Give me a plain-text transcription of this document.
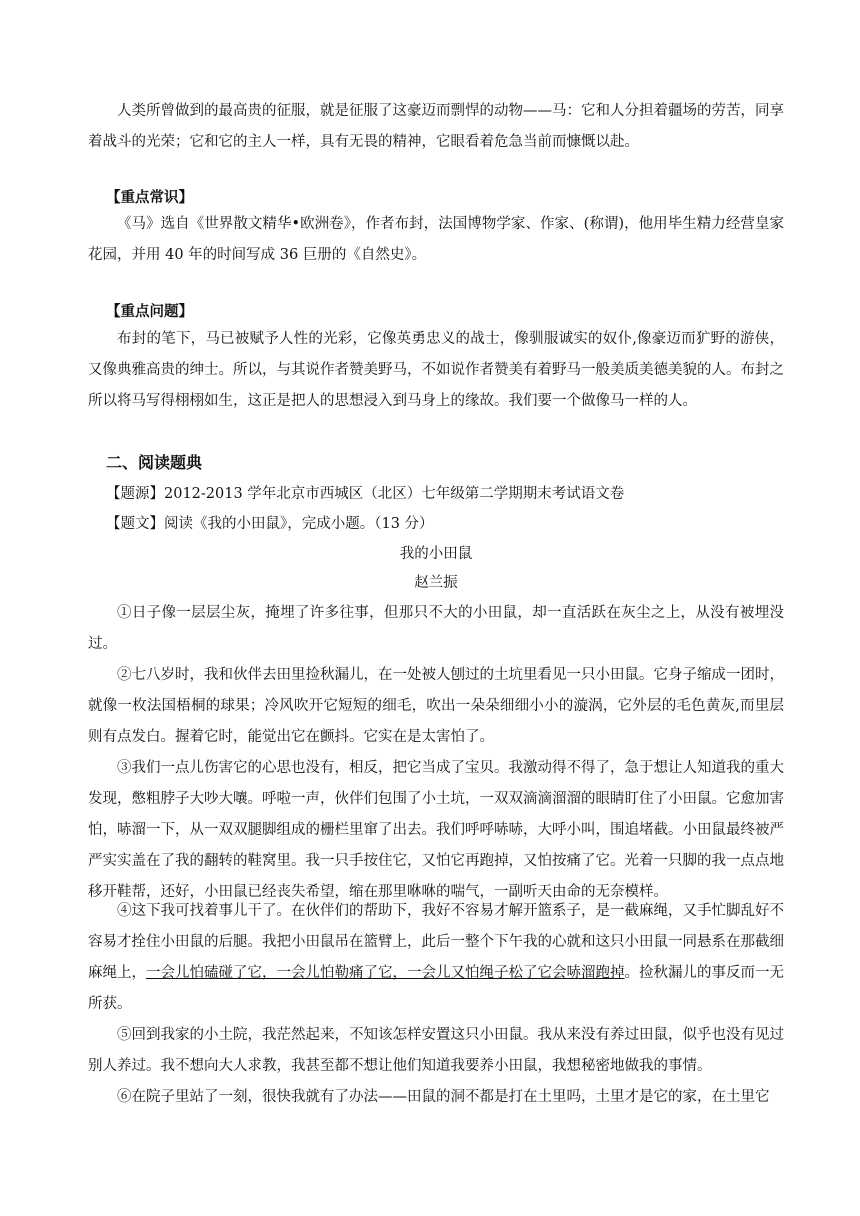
人类所曾做到的最高贵的征服，就是征服了这豪迈而剽悍的动物——马：它和人分担着疆场的劳苦，同享着战斗的光荣；它和它的主人一样，具有无畏的精神，它眼看着危急当前而慷慨以赴。

【重点常识】

《马》选自《世界散文精华•欧洲卷》，作者布封，法国博物学家、作家、(称谓)，他用毕生精力经营皇家花园，并用 40 年的时间写成 36 巨册的《自然史》。

【重点问题】

布封的笔下，马已被赋予人性的光彩，它像英勇忠义的战士，像驯服诚实的奴仆,像豪迈而犷野的游侠，又像典雅高贵的绅士。所以，与其说作者赞美野马，不如说作者赞美有着野马一般美质美德美貌的人。布封之所以将马写得栩栩如生，这正是把人的思想浸入到马身上的缘故。我们要一个做像马一样的人。

二、阅读题典

【题源】2012-2013 学年北京市西城区（北区）七年级第二学期期末考试语文卷

【题文】阅读《我的小田鼠》，完成小题。（13 分）

我的小田鼠

赵兰振

①日子像一层层尘灰，掩埋了许多往事，但那只不大的小田鼠，却一直活跃在灰尘之上，从没有被埋没过。

②七八岁时，我和伙伴去田里捡秋漏儿，在一处被人刨过的土坑里看见一只小田鼠。它身子缩成一团时，就像一枚法国梧桐的球果；冷风吹开它短短的细毛，吹出一朵朵细细小小的漩涡，它外层的毛色黄灰,而里层则有点发白。握着它时，能觉出它在颤抖。它实在是太害怕了。

③我们一点儿伤害它的心思也没有，相反，把它当成了宝贝。我激动得不得了，急于想让人知道我的重大发现，憋粗脖子大吵大嚷。呼啦一声，伙伴们包围了小土坑，一双双滴滴溜溜的眼睛盯住了小田鼠。它愈加害怕，哧溜一下，从一双双腿脚组成的栅栏里窜了出去。我们呼呼哧哧，大呼小叫，围追堵截。小田鼠最终被严严实实盖在了我的翻转的鞋窝里。我一只手按住它，又怕它再跑掉，又怕按痛了它。光着一只脚的我一点点地移开鞋帮，还好，小田鼠已经丧失希望，缩在那里咻咻的喘气，一副听天由命的无奈模样。

④这下我可找着事儿干了。在伙伴们的帮助下，我好不容易才解开篮系子，是一截麻绳，又手忙脚乱好不容易才拴住小田鼠的后腿。我把小田鼠吊在篮臂上，此后一整个下午我的心就和这只小田鼠一同悬系在那截细麻绳上，一会儿怕磕碰了它，一会儿怕勒痛了它，一会儿又怕绳子松了它会哧溜跑掉。捡秋漏儿的事反而一无所获。

⑤回到我家的小土院，我茫然起来，不知该怎样安置这只小田鼠。我从来没有养过田鼠，似乎也没有见过别人养过。我不想向大人求教，我甚至都不想让他们知道我要养小田鼠，我想秘密地做我的事情。

⑥在院子里站了一刻，很快我就有了办法——田鼠的洞不都是打在土里吗，土里才是它的家，在土里它
